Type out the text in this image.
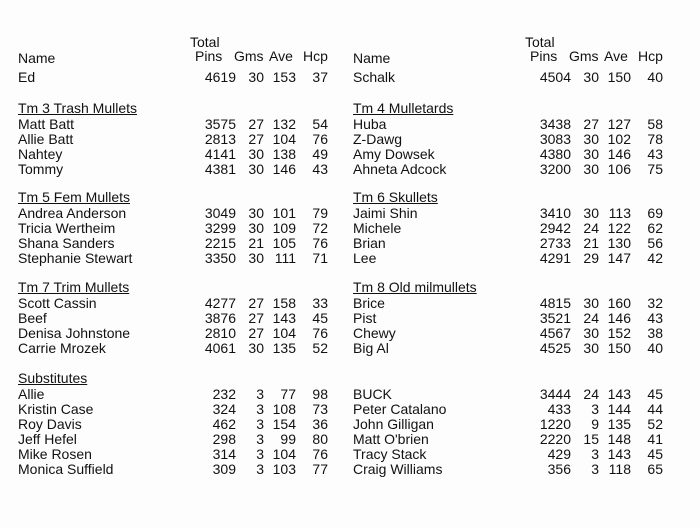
Name
Total
Pins Gms Ave Hcp
Ed	4619 30 153 37
Tm 3 Trash Mullets
Matt Batt	3575 27 132 54
Allie Batt	2813 27 104 76
Nahtey	4141 30 138 49
Tommy	4381 30 146 43
Tm 5 Fem Mullets
Andrea Anderson	3049 30 101 79
Tricia Wertheim	3299 30 109 72
Shana Sanders	2215 21 105 76
Stephanie Stewart	3350 30 111 71
Tm 7 Trim Mullets
Scott Cassin	4277 27 158 33
Beef	3876 27 143 45
Denisa Johnstone	2810 27 104 76
Carrie Mrozek	4061 30 135 52
Substitutes
Allie	232 3 77 98
Kristin Case	324 3 108 73
Roy Davis	462 3 154 36
Jeff Hefel	298 3 99 80
Mike Rosen	314 3 104 76
Monica Suffield	309 3 103 77
Name
Total
Pins Gms Ave Hcp
Schalk	4504 30 150 40
Tm 4 Mulletards
Huba	3438 27 127 58
Z-Dawg	3083 30 102 78
Amy Dowsek	4380 30 146 43
Ahneta Adcock	3200 30 106 75
Tm 6 Skullets
Jaimi Shin	3410 30 113 69
Michele	2942 24 122 62
Brian	2733 21 130 56
Lee	4291 29 147 42
Tm 8 Old milmullets
Brice	4815 30 160 32
Pist	3521 24 146 43
Chewy	4567 30 152 38
Big Al	4525 30 150 40
BUCK	3444 24 143 45
Peter Catalano	433 3 144 44
John Gilligan	1220 9 135 52
Matt O'brien	2220 15 148 41
Tracy Stack	429 3 143 45
Craig Williams	356 3 118 65
